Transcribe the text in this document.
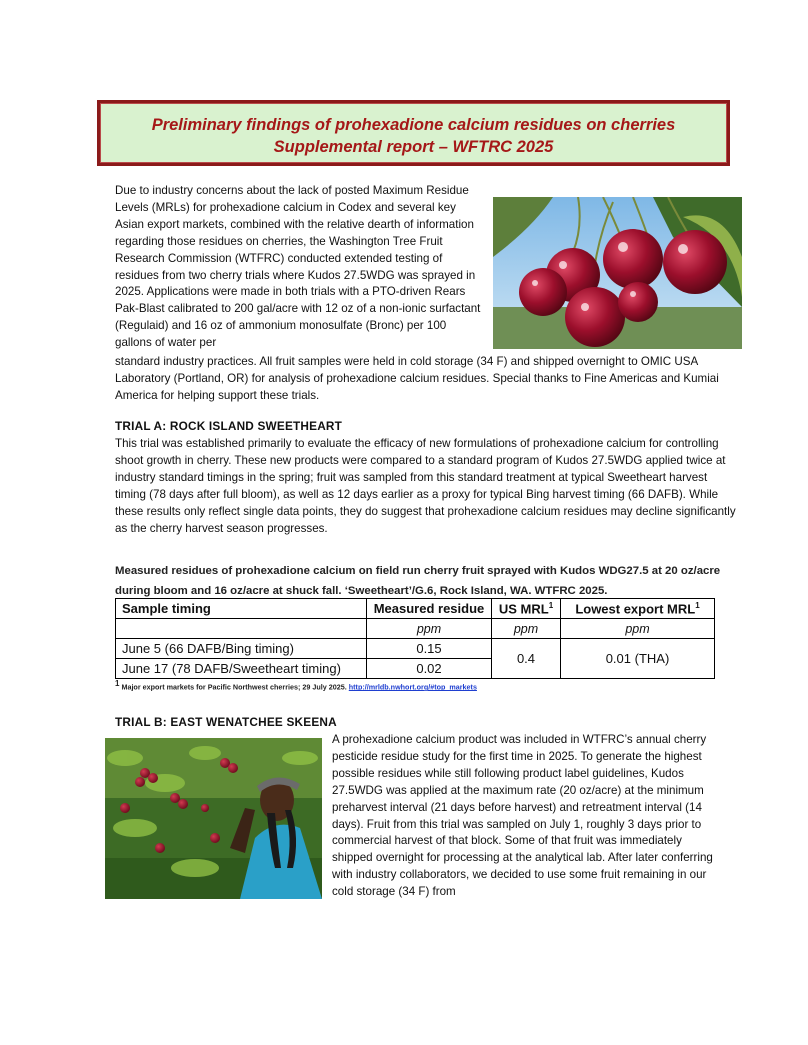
Preliminary findings of prohexadione calcium residues on cherries
Supplemental report – WFTRC 2025
Due to industry concerns about the lack of posted Maximum Residue Levels (MRLs) for prohexadione calcium in Codex and several key Asian export markets, combined with the relative dearth of information regarding those residues on cherries, the Washington Tree Fruit Research Commission (WTFRC) conducted extended testing of residues from two cherry trials where Kudos 27.5WDG was sprayed in 2025. Applications were made in both trials with a PTO-driven Rears Pak-Blast calibrated to 200 gal/acre with 12 oz of a non-ionic surfactant (Regulaid) and 16 oz of ammonium monosulfate (Bronc) per 100 gallons of water per
standard industry practices. All fruit samples were held in cold storage (34 F) and shipped overnight to OMIC USA Laboratory (Portland, OR) for analysis of prohexadione calcium residues. Special thanks to Fine Americas and Kumiai America for helping support these trials.
TRIAL A: ROCK ISLAND SWEETHEART
This trial was established primarily to evaluate the efficacy of new formulations of prohexadione calcium for controlling shoot growth in cherry. These new products were compared to a standard program of Kudos 27.5WDG applied twice at industry standard timings in the spring; fruit was sampled from this standard treatment at typical Sweetheart harvest timing (78 days after full bloom), as well as 12 days earlier as a proxy for typical Bing harvest timing (66 DAFB). While these results only reflect single data points, they do suggest that prohexadione calcium residues may decline significantly as the cherry harvest season progresses.
Measured residues of prohexadione calcium on field run cherry fruit sprayed with Kudos WDG27.5 at 20 oz/acre during bloom and 16 oz/acre at shuck fall. ‘Sweetheart’/G.6, Rock Island, WA. WTFRC 2025.
Sample timing	Measured residue	US MRL$^1$	Lowest export MRL$^1$
	ppm	ppm	ppm
June 5 (66 DAFB/Bing timing)	0.15	0.4	0.01 (THA)
June 17 (78 DAFB/Sweetheart timing)	0.02		
$^1$ Major export markets for Pacific Northwest cherries; 29 July 2025. http://mrldb.nwhort.org/#top_markets
TRIAL B: EAST WENATCHEE SKEENA
A prohexadione calcium product was included in WTFRC’s annual cherry pesticide residue study for the first time in 2025. To generate the highest possible residues while still following product label guidelines, Kudos 27.5WDG was applied at the maximum rate (20 oz/acre) at the minimum preharvest interval (21 days before harvest) and retreatment interval (14 days). Fruit from this trial was sampled on July 1, roughly 3 days prior to commercial harvest of that block. Some of that fruit was immediately shipped overnight for processing at the analytical lab. After later conferring with industry collaborators, we decided to use some fruit remaining in our cold storage (34 F) from
